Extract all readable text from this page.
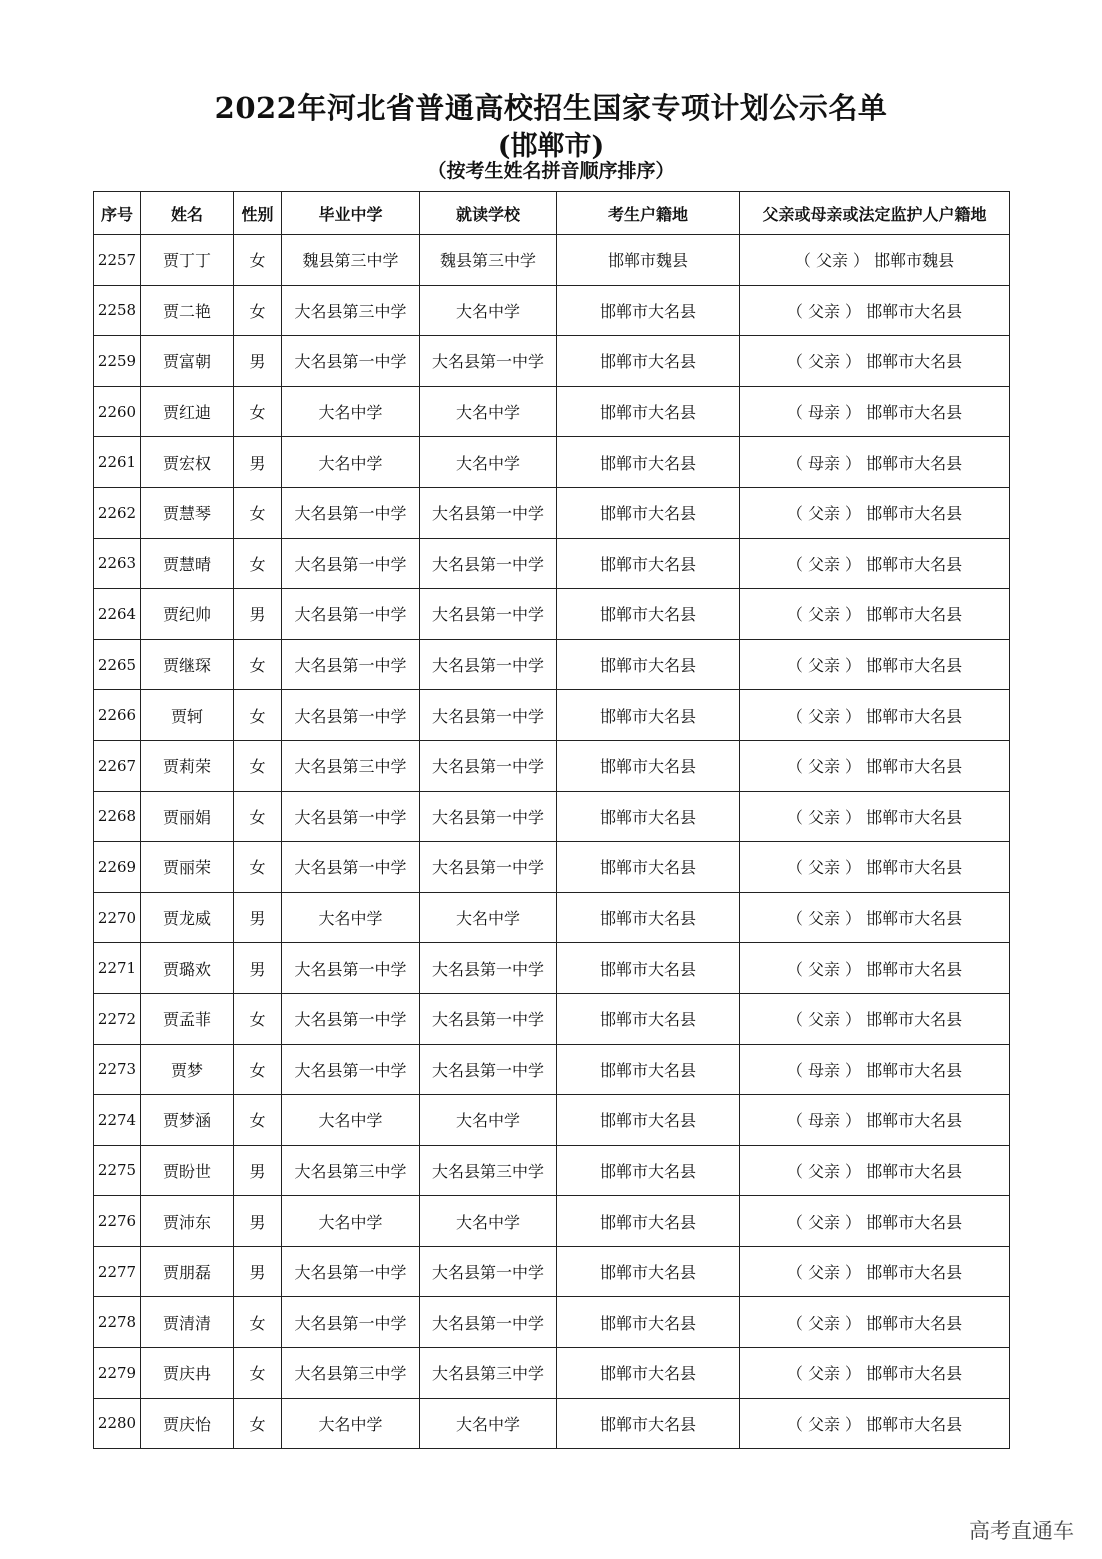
2022年河北省普通高校招生国家专项计划公示名单
(邯郸市)
（按考生姓名拼音顺序排序）
序号	姓名	性别	毕业中学	就读学校	考生户籍地	父亲或母亲或法定监护人户籍地
2257	贾丁丁	女	魏县第三中学	魏县第三中学	邯郸市魏县	（ 父亲 ） 邯郸市魏县
2258	贾二艳	女	大名县第三中学	大名中学	邯郸市大名县	（ 父亲 ） 邯郸市大名县
2259	贾富朝	男	大名县第一中学	大名县第一中学	邯郸市大名县	（ 父亲 ） 邯郸市大名县
2260	贾红迪	女	大名中学	大名中学	邯郸市大名县	（ 母亲 ） 邯郸市大名县
2261	贾宏权	男	大名中学	大名中学	邯郸市大名县	（ 母亲 ） 邯郸市大名县
2262	贾慧琴	女	大名县第一中学	大名县第一中学	邯郸市大名县	（ 父亲 ） 邯郸市大名县
2263	贾慧晴	女	大名县第一中学	大名县第一中学	邯郸市大名县	（ 父亲 ） 邯郸市大名县
2264	贾纪帅	男	大名县第一中学	大名县第一中学	邯郸市大名县	（ 父亲 ） 邯郸市大名县
2265	贾继琛	女	大名县第一中学	大名县第一中学	邯郸市大名县	（ 父亲 ） 邯郸市大名县
2266	贾轲	女	大名县第一中学	大名县第一中学	邯郸市大名县	（ 父亲 ） 邯郸市大名县
2267	贾莉荣	女	大名县第三中学	大名县第一中学	邯郸市大名县	（ 父亲 ） 邯郸市大名县
2268	贾丽娟	女	大名县第一中学	大名县第一中学	邯郸市大名县	（ 父亲 ） 邯郸市大名县
2269	贾丽荣	女	大名县第一中学	大名县第一中学	邯郸市大名县	（ 父亲 ） 邯郸市大名县
2270	贾龙威	男	大名中学	大名中学	邯郸市大名县	（ 父亲 ） 邯郸市大名县
2271	贾璐欢	男	大名县第一中学	大名县第一中学	邯郸市大名县	（ 父亲 ） 邯郸市大名县
2272	贾孟菲	女	大名县第一中学	大名县第一中学	邯郸市大名县	（ 父亲 ） 邯郸市大名县
2273	贾梦	女	大名县第一中学	大名县第一中学	邯郸市大名县	（ 母亲 ） 邯郸市大名县
2274	贾梦涵	女	大名中学	大名中学	邯郸市大名县	（ 母亲 ） 邯郸市大名县
2275	贾盼世	男	大名县第三中学	大名县第三中学	邯郸市大名县	（ 父亲 ） 邯郸市大名县
2276	贾沛东	男	大名中学	大名中学	邯郸市大名县	（ 父亲 ） 邯郸市大名县
2277	贾朋磊	男	大名县第一中学	大名县第一中学	邯郸市大名县	（ 父亲 ） 邯郸市大名县
2278	贾清清	女	大名县第一中学	大名县第一中学	邯郸市大名县	（ 父亲 ） 邯郸市大名县
2279	贾庆冉	女	大名县第三中学	大名县第三中学	邯郸市大名县	（ 父亲 ） 邯郸市大名县
2280	贾庆怡	女	大名中学	大名中学	邯郸市大名县	（ 父亲 ） 邯郸市大名县
高考直通车
